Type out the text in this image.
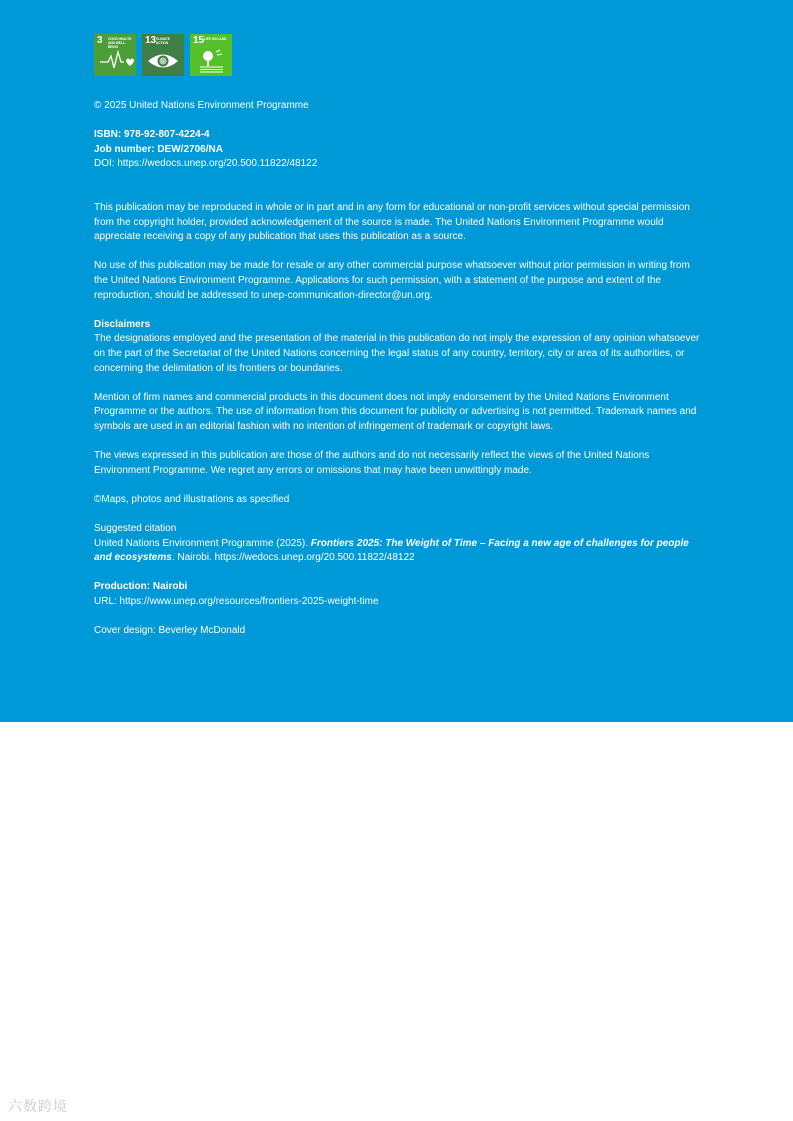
3 GOOD HEALTH AND WELL-BEING
13 CLIMATE ACTION	15 LIFE ON LAND

© 2025 United Nations Environment Programme

ISBN: 978-92-807-4224-4

Job number: DEW/2706/NA

DOI: https://wedocs.unep.org/20.500.11822/48122

This publication may be reproduced in whole or in part and in any form for educational or non-profit services without special permission from the copyright holder, provided acknowledgement of the source is made. The United Nations Environment Programme would appreciate receiving a copy of any publication that uses this publication as a source.

No use of this publication may be made for resale or any other commercial purpose whatsoever without prior permission in writing from the United Nations Environment Programme. Applications for such permission, with a statement of the purpose and extent of the reproduction, should be addressed to unep-communication-director@un.org.

Disclaimers

The designations employed and the presentation of the material in this publication do not imply the expression of any opinion whatsoever on the part of the Secretariat of the United Nations concerning the legal status of any country, territory, city or area of its authorities, or concerning the delimitation of its frontiers or boundaries.

Mention of firm names and commercial products in this document does not imply endorsement by the United Nations Environment Programme or the authors. The use of information from this document for publicity or advertising is not permitted. Trademark names and symbols are used in an editorial fashion with no intention of infringement of trademark or copyright laws.

The views expressed in this publication are those of the authors and do not necessarily reflect the views of the United Nations Environment Programme. We regret any errors or omissions that may have been unwittingly made.

©Maps, photos and illustrations as specified

Suggested citation

United Nations Environment Programme (2025). Frontiers 2025: The Weight of Time – Facing a new age of challenges for people and ecosystems. Nairobi. https://wedocs.unep.org/20.500.11822/48122

Production: Nairobi

URL: https://www.unep.org/resources/frontiers-2025-weight-time

Cover design: Beverley McDonald

六数跨境
